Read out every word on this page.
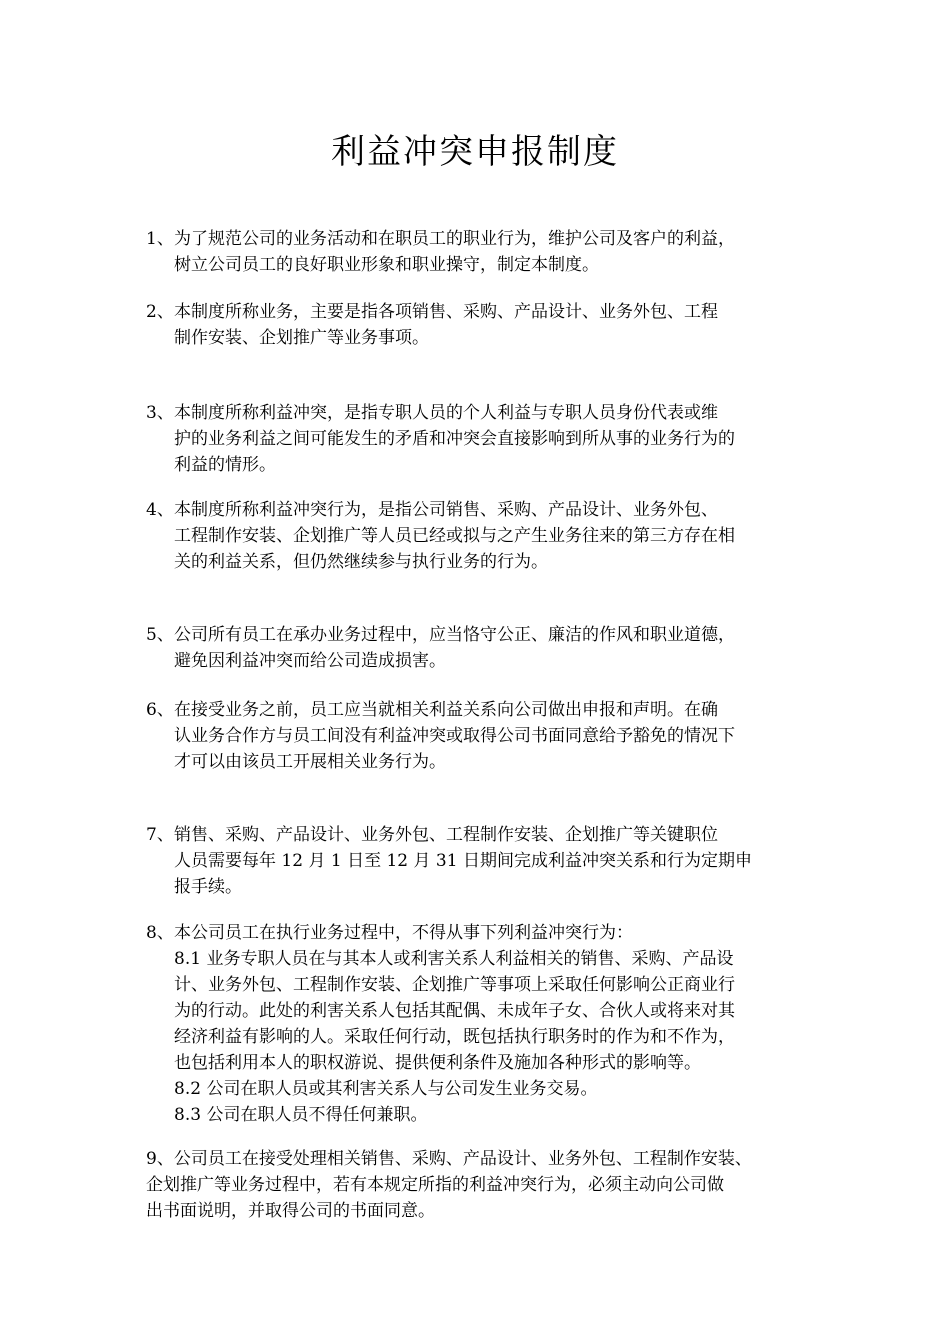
利益冲突申报制度
1、 为了规范公司的业务活动和在职员工的职业行为，维护公司及客户的利益，
树立公司员工的良好职业形象和职业操守，制定本制度。
2、 本制度所称业务，主要是指各项销售、采购、产品设计、业务外包、工程
制作安装、企划推广等业务事项。
3、 本制度所称利益冲突，是指专职人员的个人利益与专职人员身份代表或维
护的业务利益之间可能发生的矛盾和冲突会直接影响到所从事的业务行为的
利益的情形。
4、 本制度所称利益冲突行为，是指公司销售、采购、产品设计、业务外包、
工程制作安装、企划推广等人员已经或拟与之产生业务往来的第三方存在相
关的利益关系，但仍然继续参与执行业务的行为。
5、 公司所有员工在承办业务过程中，应当恪守公正、廉洁的作风和职业道德，
避免因利益冲突而给公司造成损害。
6、 在接受业务之前，员工应当就相关利益关系向公司做出申报和声明。在确
认业务合作方与员工间没有利益冲突或取得公司书面同意给予豁免的情况下
才可以由该员工开展相关业务行为。
7、 销售、采购、产品设计、业务外包、工程制作安装、企划推广等关键职位
人员需要每年 12 月 1 日至 12 月 31 日期间完成利益冲突关系和行为定期申
报手续。
8、 本公司员工在执行业务过程中，不得从事下列利益冲突行为：
8.1 业务专职人员在与其本人或利害关系人利益相关的销售、采购、产品设
计、业务外包、工程制作安装、企划推广等事项上采取任何影响公正商业行
为的行动。此处的利害关系人包括其配偶、未成年子女、合伙人或将来对其
经济利益有影响的人。采取任何行动，既包括执行职务时的作为和不作为，
也包括利用本人的职权游说、提供便利条件及施加各种形式的影响等。
8.2 公司在职人员或其利害关系人与公司发生业务交易。
8.3 公司在职人员不得任何兼职。
9、公司员工在接受处理相关销售、采购、产品设计、业务外包、工程制作安装、
企划推广等业务过程中，若有本规定所指的利益冲突行为，必须主动向公司做
出书面说明，并取得公司的书面同意。
